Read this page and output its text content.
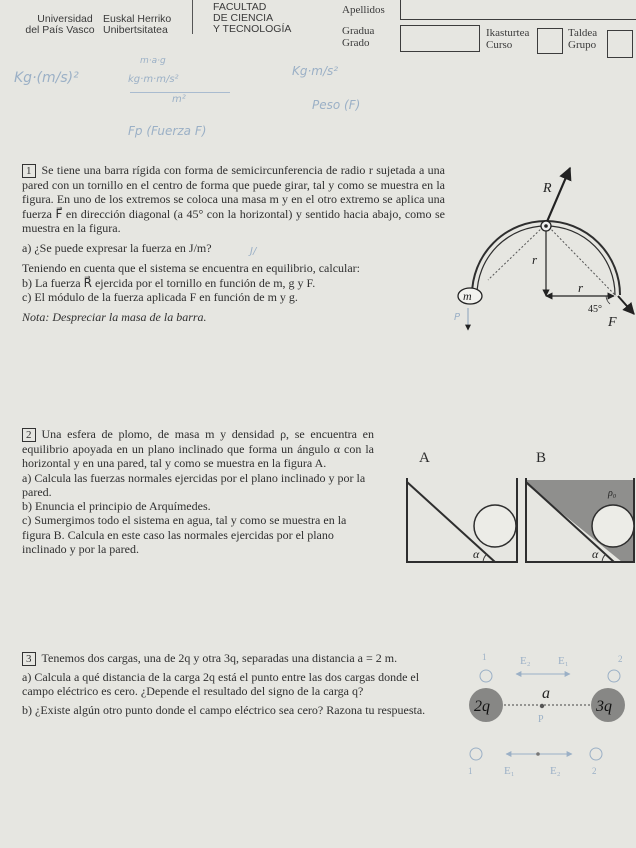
Universidad
del País Vasco
Euskal Herriko
Unibertsitatea
FACULTAD
DE CIENCIA
Y TECNOLOGÍA
Apellidos
Gradua
Grado
Ikasturtea
Curso
Taldea
Grupo
Kg·(m/s)²
m·a·g
kg·m·m/s²
m²
Fp (Fuerza F)
Kg·m/s²
Peso (F)

1 Se tiene una barra rígida con forma de semicircunferencia de radio r sujetada a una pared con un tornillo en el centro de forma que puede girar, tal y como se muestra en la figura. En uno de los extremos se coloca una masa m y en el otro extremo se aplica una fuerza F⃗ en dirección diagonal (a 45° con la horizontal) y sentido hacia abajo, como se muestra en la figura.

a) ¿Se puede expresar la fuerza en J/m?

Teniendo en cuenta que el sistema se encuentra en equilibrio, calcular:

b) La fuerza R⃗ ejercida por el tornillo en función de m, g y F.

c) El módulo de la fuerza aplicada F en función de m y g.

Nota: Despreciar la masa de la barra.

J/
m
R⃗
r
r
45°
F⃗
P

2 Una esfera de plomo, de masa m y densidad ρ, se encuentra en equilibrio apoyada en un plano inclinado que forma un ángulo α con la horizontal y en una pared, tal y como se muestra en la figura A.

a) Calcula las fuerzas normales ejercidas por el plano inclinado y por la pared.

b) Enuncia el principio de Arquímedes.

c) Sumergimos todo el sistema en agua, tal y como se muestra en la figura B. Calcula en este caso las normales ejercidas por el plano inclinado y por la pared.

A	B
α	α
ρ₀

3 Tenemos dos cargas, una de 2q y otra 3q, separadas una distancia a = 2 m.

a) Calcula a qué distancia de la carga 2q está el punto entre las dos cargas donde el campo eléctrico es cero. ¿Depende el resultado del signo de la carga q?

b) ¿Existe algún otro punto donde el campo eléctrico sea cero? Razona tu respuesta.

1	E₂ E₁	2
2q	3q
a
P
1	E₁	E₂	2
